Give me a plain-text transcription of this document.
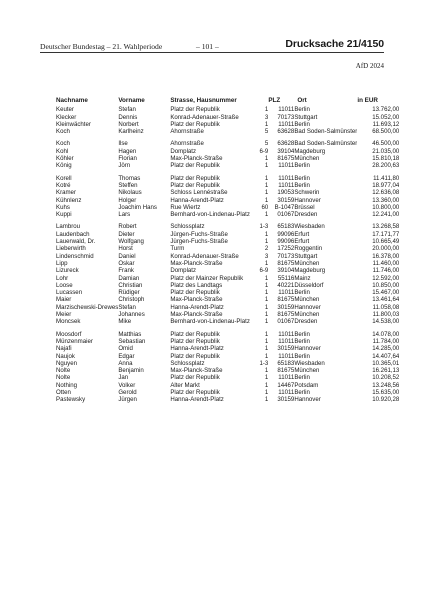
Deutscher Bundestag – 21. Wahlperiode	– 101 –	Drucksache 21/4150
AfD 2024
Nachname	Vorname	Strasse, Hausnummer		PLZ	Ort	in EUR
Keuter	Stefan	Platz der Republik	1	11011	Berlin	13.762,00
Klecker	Dennis	Konrad-Adenauer-Straße	3	70173	Stuttgart	15.052,00
Kleinwächter	Norbert	Platz der Republik	1	11011	Berlin	11.693,12
Koch	Karlheinz	Ahornstraße	5	63628	Bad Soden-Salmünster	68.500,00
Koch	Ilse	Ahornstraße	5	63628	Bad Soden-Salmünster	46.500,00
Kohl	Hagen	Domplatz	6-9	39104	Magdeburg	21.035,00
Köhler	Florian	Max-Planck-Straße	1	81675	München	15.810,18
König	Jörn	Platz der Republik	1	11011	Berlin	28.200,63
Korell	Thomas	Platz der Republik	1	11011	Berlin	11.411,80
Kotré	Steffen	Platz der Republik	1	11011	Berlin	18.977,04
Kramer	Nikolaus	Schloss Lennéstraße	1	19053	Schwerin	12.636,08
Kühnlenz	Holger	Hanna-Arendt-Platz	1	30159	Hannover	13.360,00
Kuhs	Joachim Hans	Rue Wiertz	60	B-1047	Brüssel	10.800,00
Kuppi	Lars	Bernhard-von-Lindenau-Platz	1	01067	Dresden	12.241,00
Lambrou	Robert	Schlossplatz	1-3	65183	Wiesbaden	13.268,58
Laudenbach	Dieter	Jürgen-Fuchs-Straße	1	99096	Erfurt	17.171,77
Lauerwald, Dr.	Wolfgang	Jürgen-Fuchs-Straße	1	99096	Erfurt	10.665,49
Lieberwirth	Horst	Turm	2	17252	Roggentin	20.000,00
Lindenschmid	Daniel	Konrad-Adenauer-Straße	3	70173	Stuttgart	16.378,00
Lipp	Oskar	Max-Planck-Straße	1	81675	München	11.460,00
Lizureck	Frank	Domplatz	6-9	39104	Magdeburg	11.746,00
Lohr	Damian	Platz der Mainzer Republik	1	55116	Mainz	12.592,00
Loose	Christian	Platz des Landtags	1	40221	Düsseldorf	10.850,00
Lucassen	Rüdiger	Platz der Republik	1	11011	Berlin	15.467,00
Maier	Christoph	Max-Planck-Straße	1	81675	München	13.461,64
Marzischewski-Drewes	Stefan	Hanna-Arendt-Platz	1	30159	Hannover	11.058,08
Meier	Johannes	Max-Planck-Straße	1	81675	München	11.800,03
Moncsek	Mike	Bernhard-von-Lindenau-Platz	1	01067	Dresden	14.538,00
Moosdorf	Matthias	Platz der Republik	1	11011	Berlin	14.078,00
Münzenmaier	Sebastian	Platz der Republik	1	11011	Berlin	11.784,00
Najafi	Omid	Hanna-Arendt-Platz	1	30159	Hannover	14.285,00
Naujok	Edgar	Platz der Republik	1	11011	Berlin	14.407,64
Nguyen	Anna	Schlossplatz	1-3	65183	Wiesbaden	10.365,01
Nolte	Benjamin	Max-Planck-Straße	1	81675	München	16.261,13
Nolte	Jan	Platz der Republik	1	11011	Berlin	10.208,52
Nothing	Volker	Alter Markt	1	14467	Potsdam	13.248,56
Otten	Gerold	Platz der Republik	1	11011	Berlin	15.635,00
Pastewsky	Jürgen	Hanna-Arendt-Platz	1	30159	Hannover	10.920,28
